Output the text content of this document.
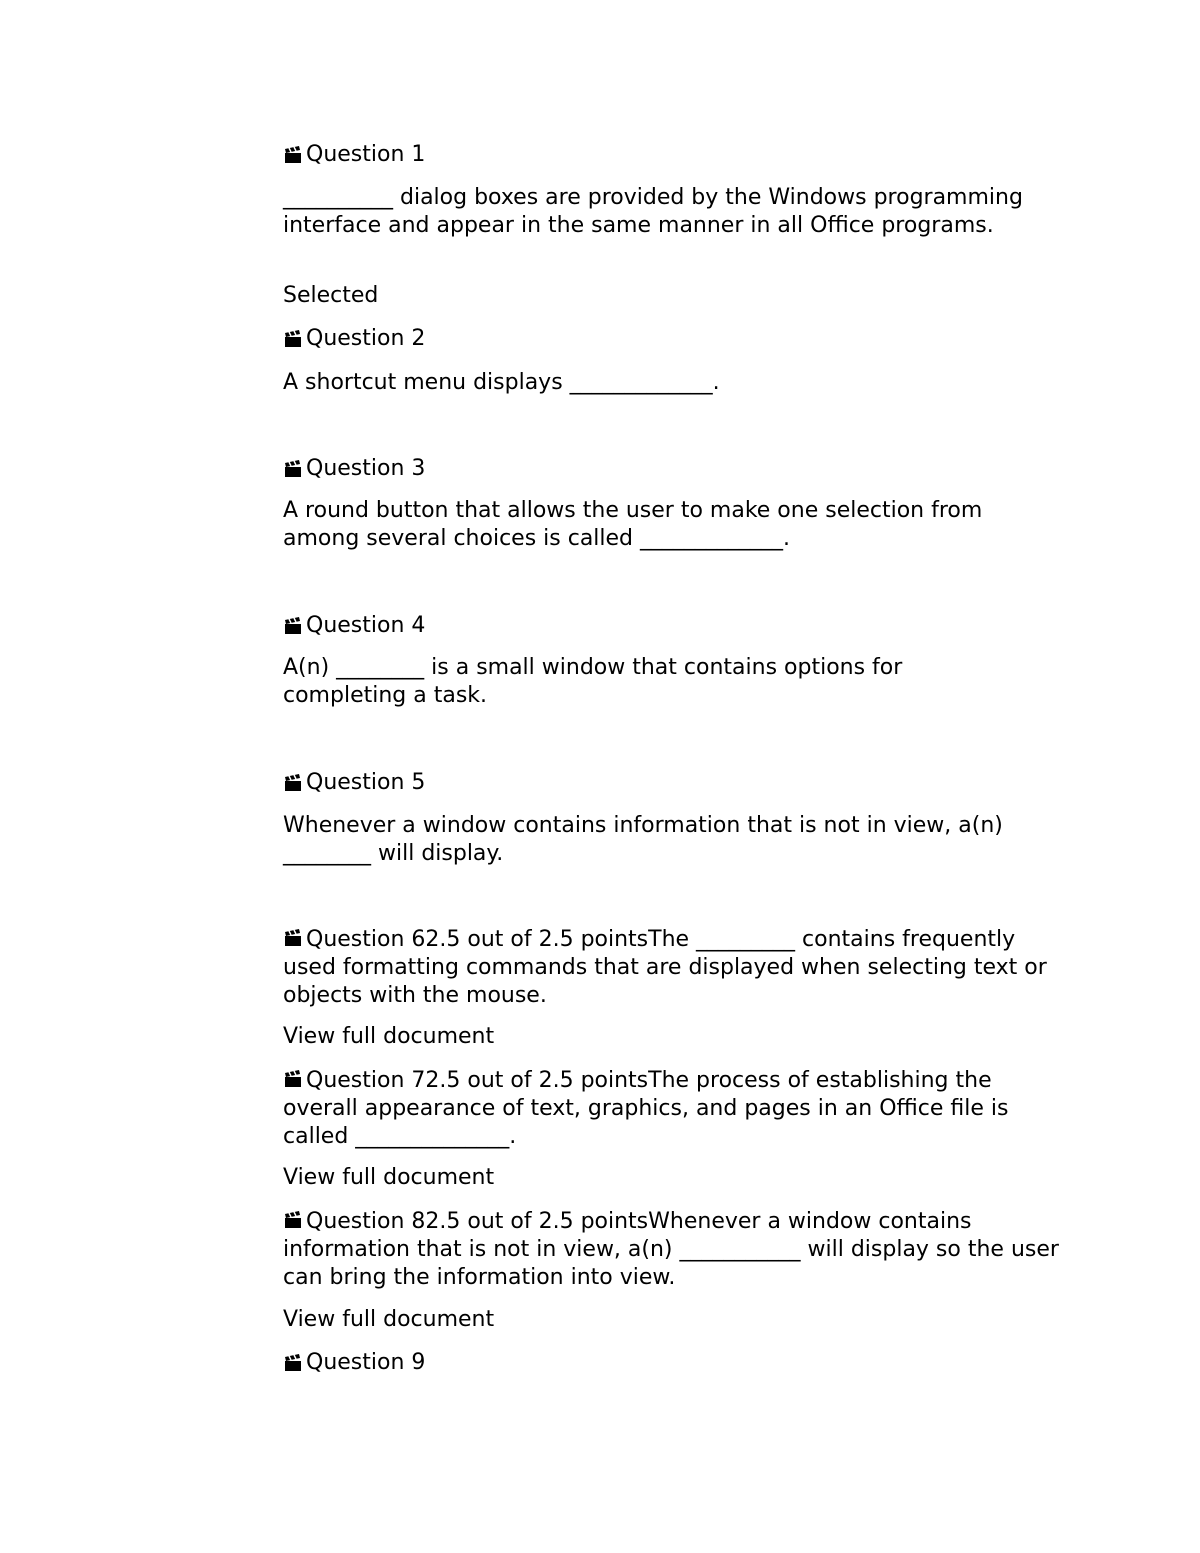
Question 1

__________ dialog boxes are provided by the Windows programming interface and appear in the same manner in all Office programs.

Selected

Question 2

A shortcut menu displays _____________.

Question 3

A round button that allows the user to make one selection from among several choices is called _____________.

Question 4

A(n) ________ is a small window that contains options for completing a task.

Question 5

Whenever a window contains information that is not in view, a(n) ________ will display.

Question 62.5 out of 2.5 pointsThe _________ contains frequently used formatting commands that are displayed when selecting text or objects with the mouse.

View full document

Question 72.5 out of 2.5 pointsThe process of establishing the overall appearance of text, graphics, and pages in an Office file is called ______________.

View full document

Question 82.5 out of 2.5 pointsWhenever a window contains information that is not in view, a(n) ___________ will display so the user can bring the information into view.

View full document

Question 9
